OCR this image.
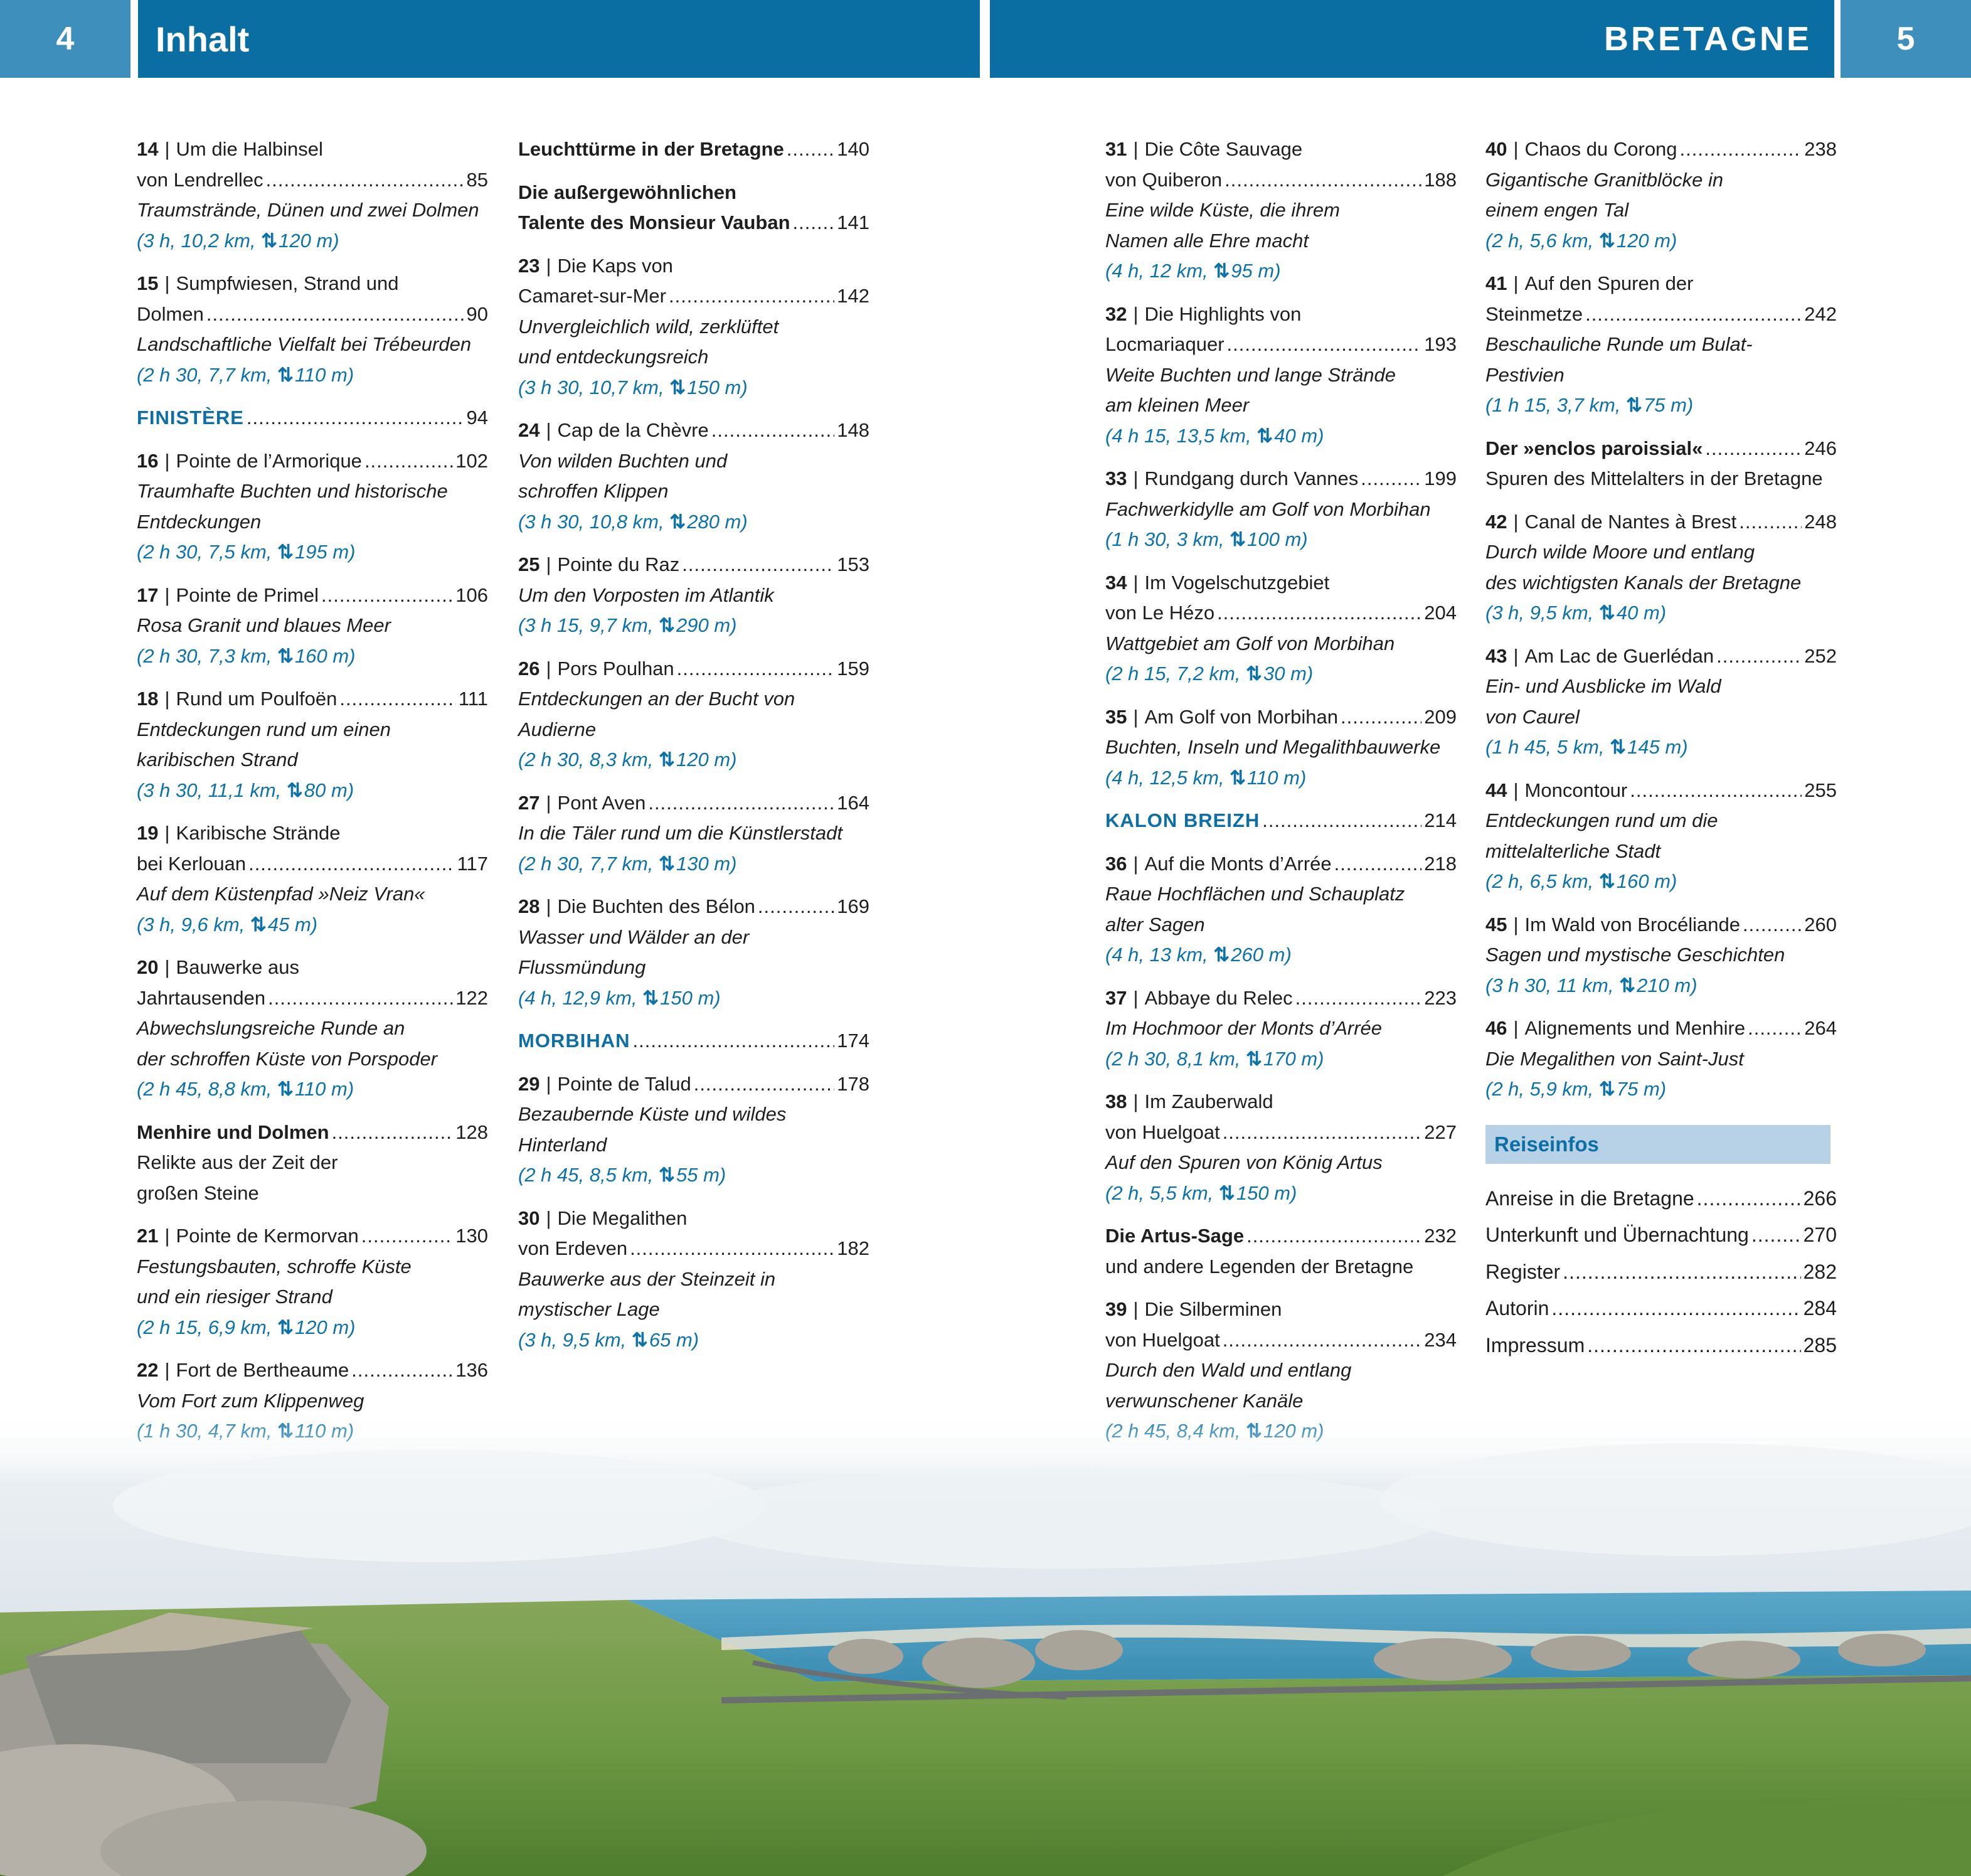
4	Inhalt	BRETAGNE	5
14 | Um die Halbinsel
von Lendrellec .....	85
Traumstrände, Dünen und zwei Dolmen
(3 h, 10,2 km, ⇅ 120 m)
15 | Sumpfwiesen, Strand und
Dolmen .....	90
Landschaftliche Vielfalt bei Trébeurden
(2 h 30, 7,7 km, ⇅ 110 m)
FINISTÈRE .....	94
16 | Pointe de l’Armorique .....	102
Traumhafte Buchten und historische
Entdeckungen
(2 h 30, 7,5 km, ⇅ 195 m)
17 | Pointe de Primel .....	106
Rosa Granit und blaues Meer
(2 h 30, 7,3 km, ⇅ 160 m)
18 | Rund um Poulfoën .....	111
Entdeckungen rund um einen
karibischen Strand
(3 h 30, 11,1 km, ⇅ 80 m)
19 | Karibische Strände
bei Kerlouan .....	117
Auf dem Küstenpfad »Neiz Vran«
(3 h, 9,6 km, ⇅ 45 m)
20 | Bauwerke aus
Jahrtausenden .....	122
Abwechslungsreiche Runde an
der schroffen Küste von Porspoder
(2 h 45, 8,8 km, ⇅ 110 m)
Menhire und Dolmen .....	128
Relikte aus der Zeit der
großen Steine
21 | Pointe de Kermorvan .....	130
Festungsbauten, schroffe Küste
und ein riesiger Strand
(2 h 15, 6,9 km, ⇅ 120 m)
22 | Fort de Bertheaume .....	136
Vom Fort zum Klippenweg
Leuchttürme in der Bretagne .....	140
Die außergewöhnlichen
Talente des Monsieur Vauban ..... 141
23 | Die Kaps von
Camaret-sur-Mer .....	142
Unvergleichlich wild, zerklüftet
und entdeckungsreich
(3 h 30, 10,7 km, ⇅ 150 m)
24 | Cap de la Chèvre .....	148
Von wilden Buchten und
schroffen Klippen
(3 h 30, 10,8 km, ⇅ 280 m)
25 | Pointe du Raz .....	153
Um den Vorposten im Atlantik
(3 h 15, 9,7 km, ⇅ 290 m)
26 | Pors Poulhan .....	159
Entdeckungen an der Bucht von
Audierne
(2 h 30, 8,3 km, ⇅ 120 m)
27 | Pont Aven .....	164
In die Täler rund um die Künstlerstadt
(2 h 30, 7,7 km, ⇅ 130 m)
28 | Die Buchten des Bélon .....	169
Wasser und Wälder an der
Flussmündung
(4 h, 12,9 km, ⇅ 150 m)
MORBIHAN .....	174
29 | Pointe de Talud .....	178
Bezaubernde Küste und wildes
Hinterland
(2 h 45, 8,5 km, ⇅ 55 m)
30 | Die Megalithen
von Erdeven .....	182
Bauwerke aus der Steinzeit in
mystischer Lage
(3 h, 9,5 km, ⇅ 65 m)
31 | Die Côte Sauvage
von Quiberon .....	188
Eine wilde Küste, die ihrem
Namen alle Ehre macht
(4 h, 12 km, ⇅ 95 m)
32 | Die Highlights von
Locmariaquer .....	193
Weite Buchten und lange Strände
am kleinen Meer
(4 h 15, 13,5 km, ⇅ 40 m)
33 | Rundgang durch Vannes .....	199
Fachwerkidylle am Golf von Morbihan
(1 h 30, 3 km, ⇅ 100 m)
34 | Im Vogelschutzgebiet
von Le Hézo .....	204
Wattgebiet am Golf von Morbihan
(2 h 15, 7,2 km, ⇅ 30 m)
35 | Am Golf von Morbihan .....	209
Buchten, Inseln und Megalithbauwerke
(4 h, 12,5 km, ⇅ 110 m)
KALON BREIZH .....	214
36 | Auf die Monts d’Arrée .....	218
Raue Hochflächen und Schauplatz
alter Sagen
(4 h, 13 km, ⇅ 260 m)
37 | Abbaye du Relec .....	223
Im Hochmoor der Monts d’Arrée
(2 h 30, 8,1 km, ⇅ 170 m)
38 | Im Zauberwald
von Huelgoat .....	227
Auf den Spuren von König Artus
(2 h, 5,5 km, ⇅ 150 m)
Die Artus-Sage .....	232
und andere Legenden der Bretagne
39 | Die Silberminen
von Huelgoat .....	234
Durch den Wald und entlang
verwunschener Kanäle
40 | Chaos du Corong .....	238
Gigantische Granitblöcke in
einem engen Tal
(2 h, 5,6 km, ⇅ 120 m)
41 | Auf den Spuren der
Steinmetze .....	242
Beschauliche Runde um Bulat-
Pestivien
(1 h 15, 3,7 km, ⇅ 75 m)
Der »enclos paroissial« .....	246
Spuren des Mittelalters in der Bretagne
42 | Canal de Nantes à Brest .....	248
Durch wilde Moore und entlang
des wichtigsten Kanals der Bretagne
(3 h, 9,5 km, ⇅ 40 m)
43 | Am Lac de Guerlédan .....	252
Ein- und Ausblicke im Wald
von Caurel
(1 h 45, 5 km, ⇅ 145 m)
44 | Moncontour .....	255
Entdeckungen rund um die
mittelalterliche Stadt
(2 h, 6,5 km, ⇅ 160 m)
45 | Im Wald von Brocéliande .....	260
Sagen und mystische Geschichten
(3 h 30, 11 km, ⇅ 210 m)
46 | Alignements und Menhire .....	264
Die Megalithen von Saint-Just
(2 h, 5,9 km, ⇅ 75 m)
Reiseinfos
Anreise in die Bretagne .....	266
Unterkunft und Übernachtung .....	270
Register .....	282
Autorin .....	284
Impressum .....	285
